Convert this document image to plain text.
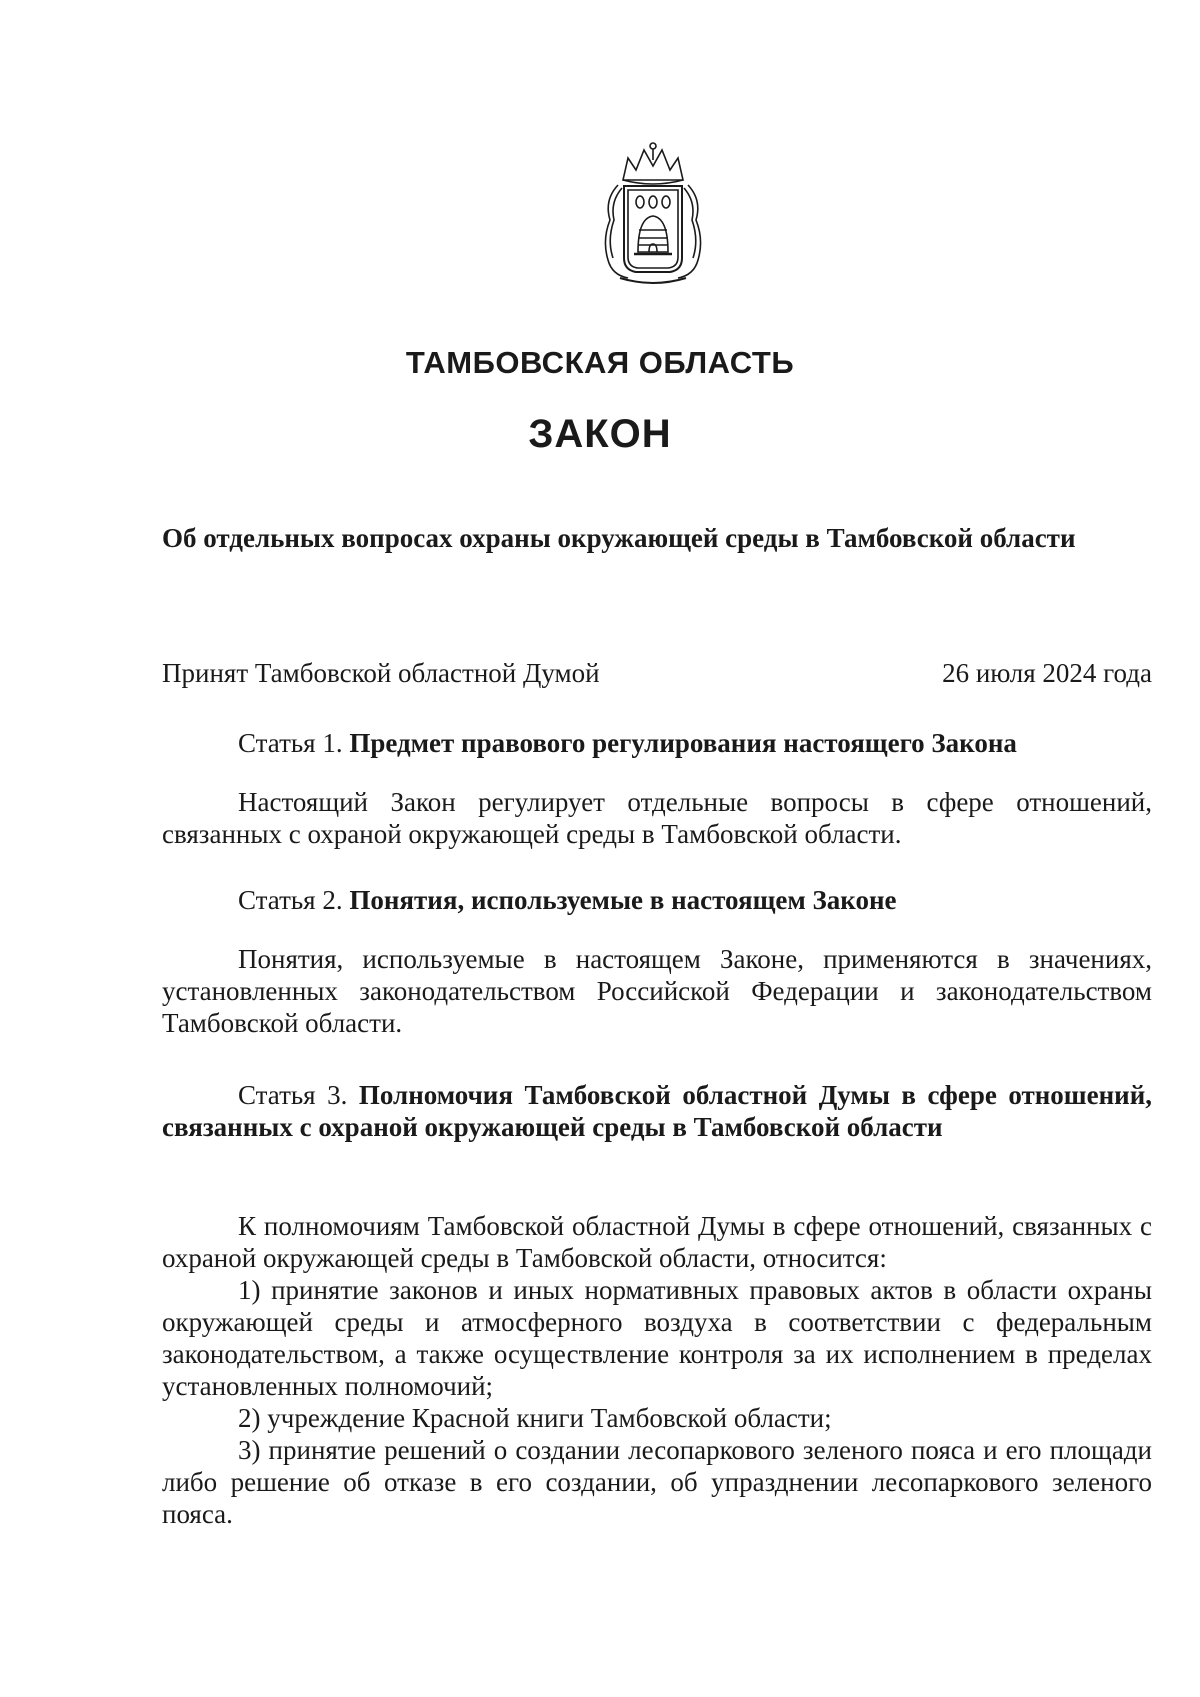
ТАМБОВСКАЯ ОБЛАСТЬ
ЗАКОН
Об отдельных вопросах охраны окружающей среды в Тамбовской области
Принят Тамбовской областной Думой	26 июля 2024 года
Статья 1. Предмет правового регулирования настоящего Закона
Настоящий Закон регулирует отдельные вопросы в сфере отношений, связанных с охраной окружающей среды в Тамбовской области.
Статья 2. Понятия, используемые в настоящем Законе
Понятия, используемые в настоящем Законе, применяются в значениях, установленных законодательством Российской Федерации и законодательством Тамбовской области.
Статья 3. Полномочия Тамбовской областной Думы в сфере отношений, связанных с охраной окружающей среды в Тамбовской области

К полномочиям Тамбовской областной Думы в сфере отношений, связанных с охраной окружающей среды в Тамбовской области, относится:

1) принятие законов и иных нормативных правовых актов в области охраны окружающей среды и атмосферного воздуха в соответствии с федеральным законодательством, а также осуществление контроля за их исполнением в пределах установленных полномочий;

2) учреждение Красной книги Тамбовской области;

3) принятие решений о создании лесопаркового зеленого пояса и его площади либо решение об отказе в его создании, об упразднении лесопаркового зеленого пояса.
